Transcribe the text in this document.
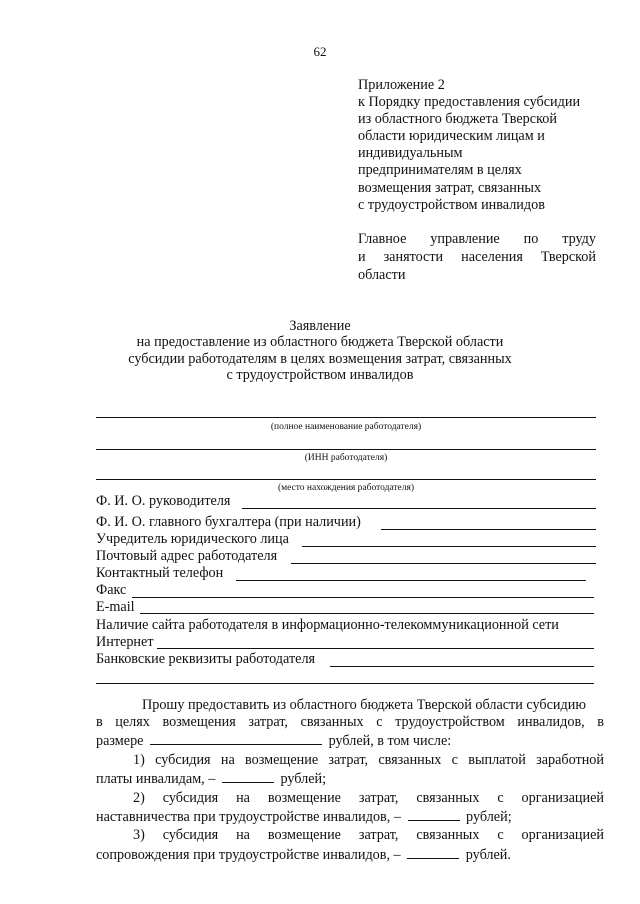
62
Приложение 2
к Порядку предоставления субсидии
из областного бюджета Тверской
области юридическим лицам и
индивидуальным
предпринимателям в целях
возмещения затрат, связанных
с трудоустройством инвалидов
Главное управление по труду
и занятости населения Тверской
области
Заявление
на предоставление из областного бюджета Тверской области
субсидии работодателям в целях возмещения затрат, связанных
с трудоустройством инвалидов
(полное наименование работодателя)
(ИНН работодателя)
(место нахождения работодателя)
Ф. И. О. руководителя
Ф. И. О. главного бухгалтера (при наличии)
Учредитель юридического лица
Почтовый адрес работодателя
Контактный телефон
Факс
E-mail
Наличие сайта работодателя в информационно-телекоммуникационной сети
Интернет
Банковские реквизиты работодателя
Прошу предоставить из областного бюджета Тверской области субсидию
в целях возмещения затрат, связанных с трудоустройством инвалидов, в
размере	рублей, в том числе:
1) субсидия на возмещение затрат, связанных с выплатой заработной
платы инвалидам, –	рублей;
2) субсидия на возмещение затрат, связанных с организацией
наставничества при трудоустройстве инвалидов, –	рублей;
3) субсидия на возмещение затрат, связанных с организацией
сопровождения при трудоустройстве инвалидов, –	рублей.
